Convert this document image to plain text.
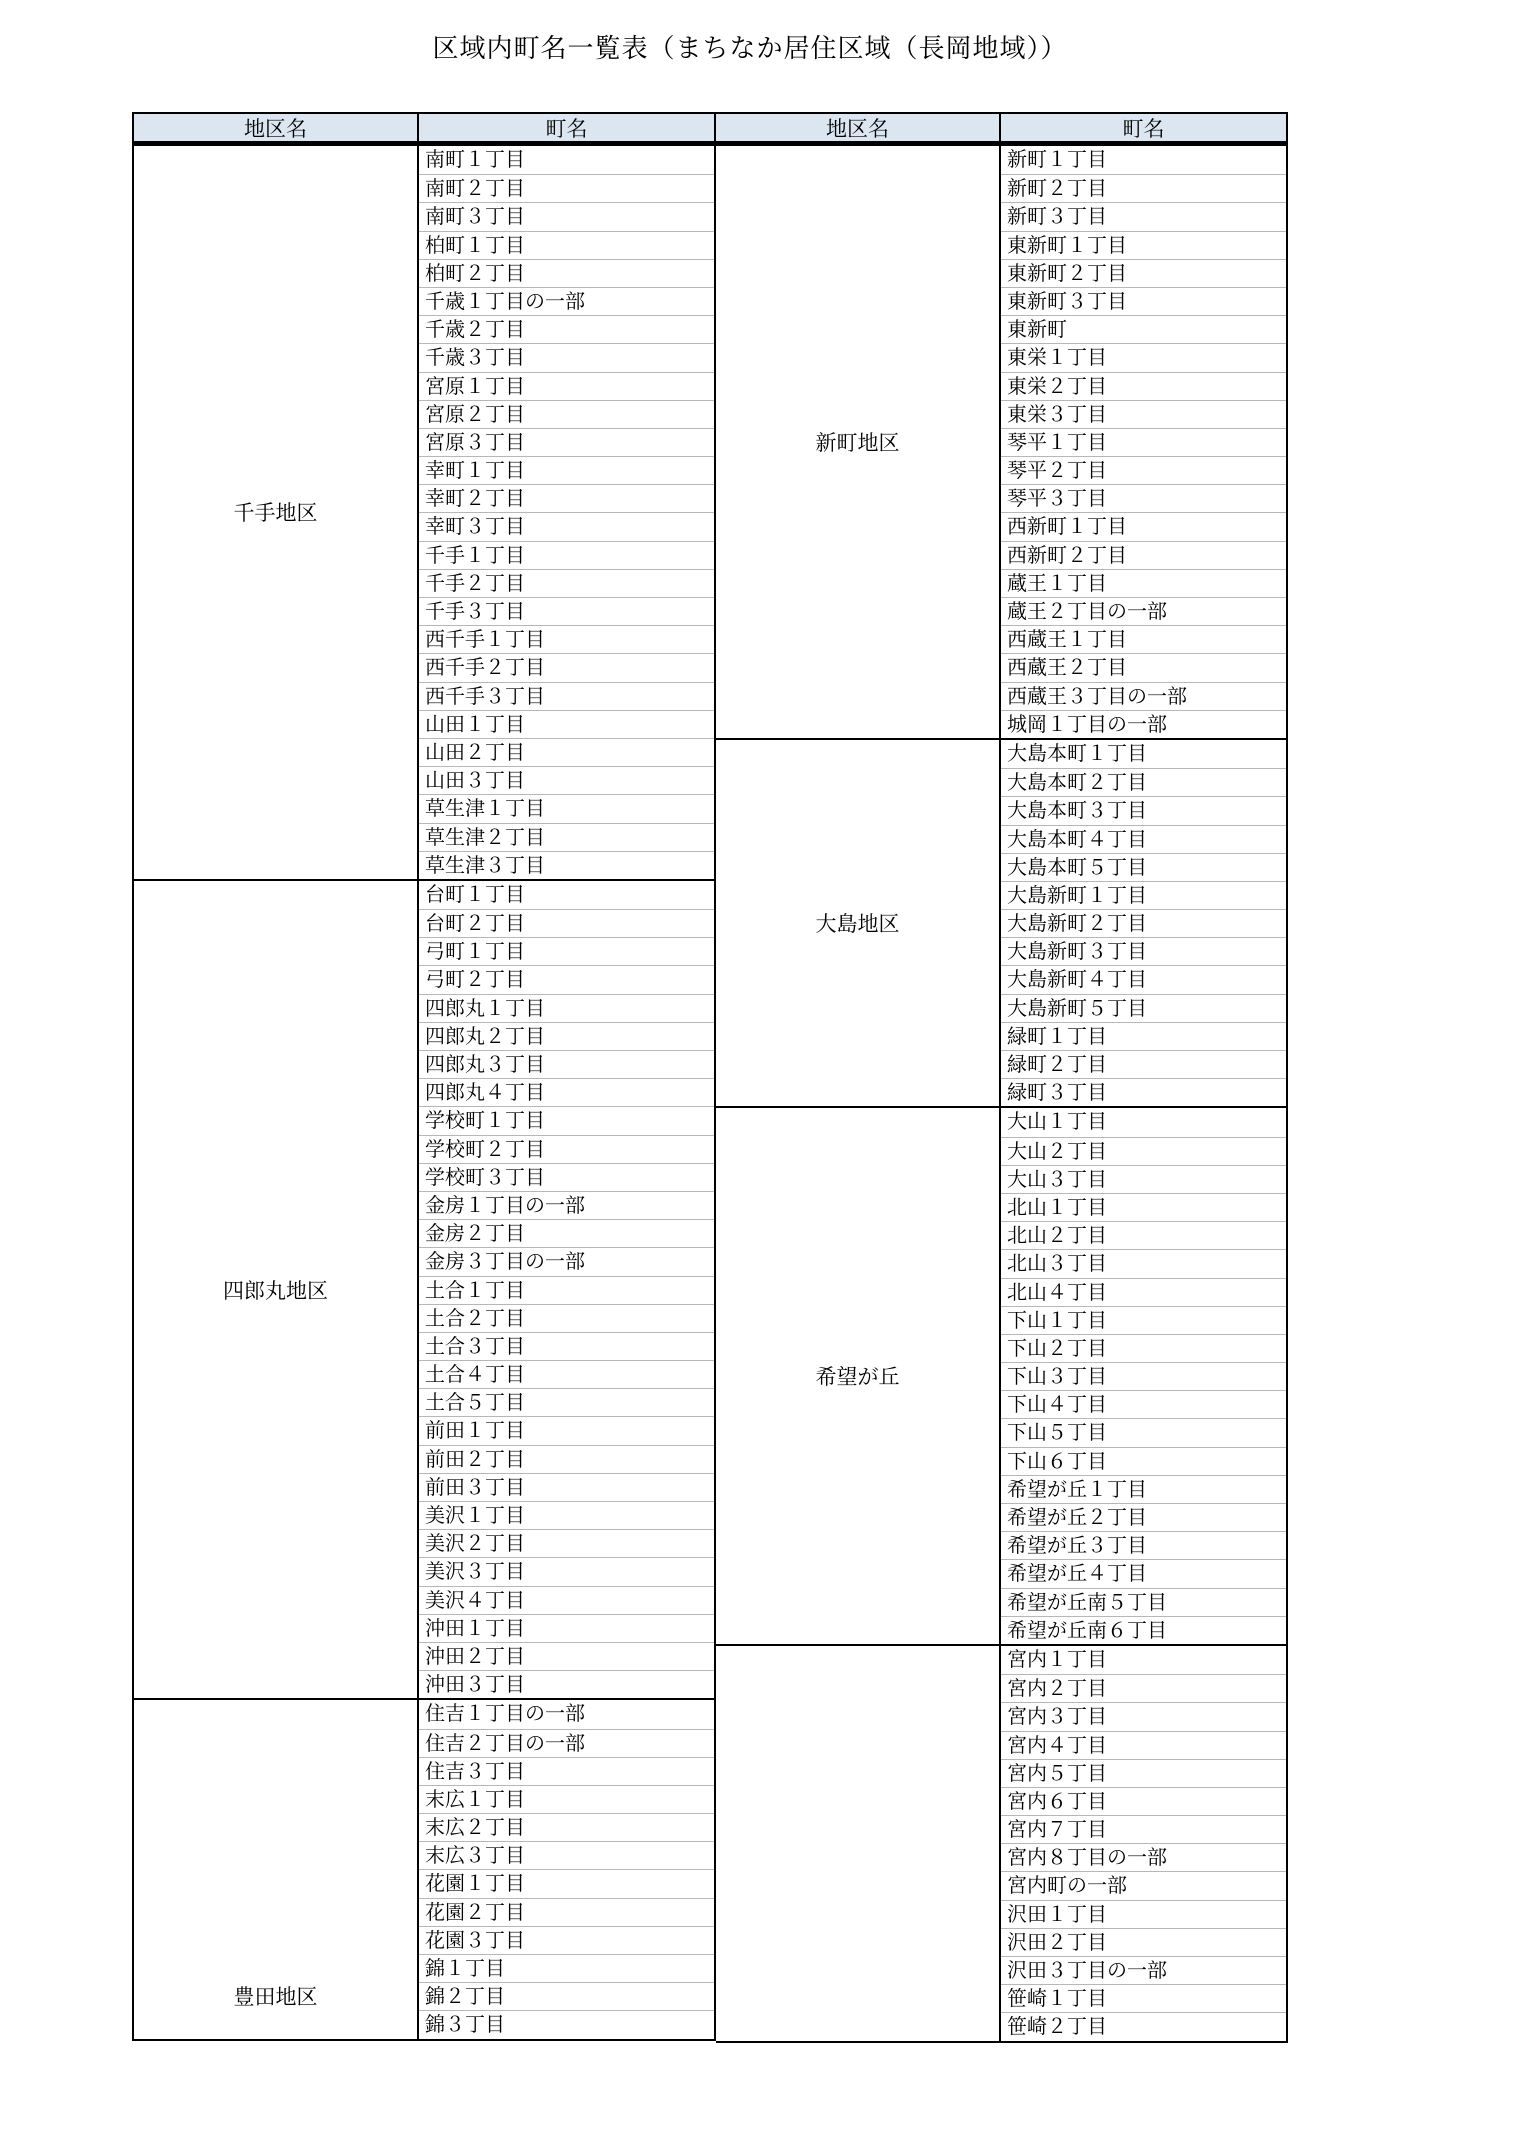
区域内町名一覧表（まちなか居住区域（長岡地域））
地区名	町名
千手地区
南町１丁目
南町２丁目
南町３丁目
柏町１丁目
柏町２丁目
千歳１丁目の一部
千歳２丁目
千歳３丁目
宮原１丁目
宮原２丁目
宮原３丁目
幸町１丁目
幸町２丁目
幸町３丁目
千手１丁目
千手２丁目
千手３丁目
西千手１丁目
西千手２丁目
西千手３丁目
山田１丁目
山田２丁目
山田３丁目
草生津１丁目
草生津２丁目
草生津３丁目
四郎丸地区
台町１丁目
台町２丁目
弓町１丁目
弓町２丁目
四郎丸１丁目
四郎丸２丁目
四郎丸３丁目
四郎丸４丁目
学校町１丁目
学校町２丁目
学校町３丁目
金房１丁目の一部
金房２丁目
金房３丁目の一部
土合１丁目
土合２丁目
土合３丁目
土合４丁目
土合５丁目
前田１丁目
前田２丁目
前田３丁目
美沢１丁目
美沢２丁目
美沢３丁目
美沢４丁目
沖田１丁目
沖田２丁目
沖田３丁目
豊田地区
住吉１丁目の一部
住吉２丁目の一部
住吉３丁目
末広１丁目
末広２丁目
末広３丁目
花園１丁目
花園２丁目
花園３丁目
錦１丁目
錦２丁目
錦３丁目
地区名	町名
新町地区
新町１丁目
新町２丁目
新町３丁目
東新町１丁目
東新町２丁目
東新町３丁目
東新町
東栄１丁目
東栄２丁目
東栄３丁目
琴平１丁目
琴平２丁目
琴平３丁目
西新町１丁目
西新町２丁目
蔵王１丁目
蔵王２丁目の一部
西蔵王１丁目
西蔵王２丁目
西蔵王３丁目の一部
城岡１丁目の一部
大島地区
大島本町１丁目
大島本町２丁目
大島本町３丁目
大島本町４丁目
大島本町５丁目
大島新町１丁目
大島新町２丁目
大島新町３丁目
大島新町４丁目
大島新町５丁目
緑町１丁目
緑町２丁目
緑町３丁目
希望が丘
大山１丁目
大山２丁目
大山３丁目
北山１丁目
北山２丁目
北山３丁目
北山４丁目
下山１丁目
下山２丁目
下山３丁目
下山４丁目
下山５丁目
下山６丁目
希望が丘１丁目
希望が丘２丁目
希望が丘３丁目
希望が丘４丁目
希望が丘南５丁目
希望が丘南６丁目
宮内１丁目
宮内２丁目
宮内３丁目
宮内４丁目
宮内５丁目
宮内６丁目
宮内７丁目
宮内８丁目の一部
宮内町の一部
沢田１丁目
沢田２丁目
沢田３丁目の一部
笹崎１丁目
笹崎２丁目
